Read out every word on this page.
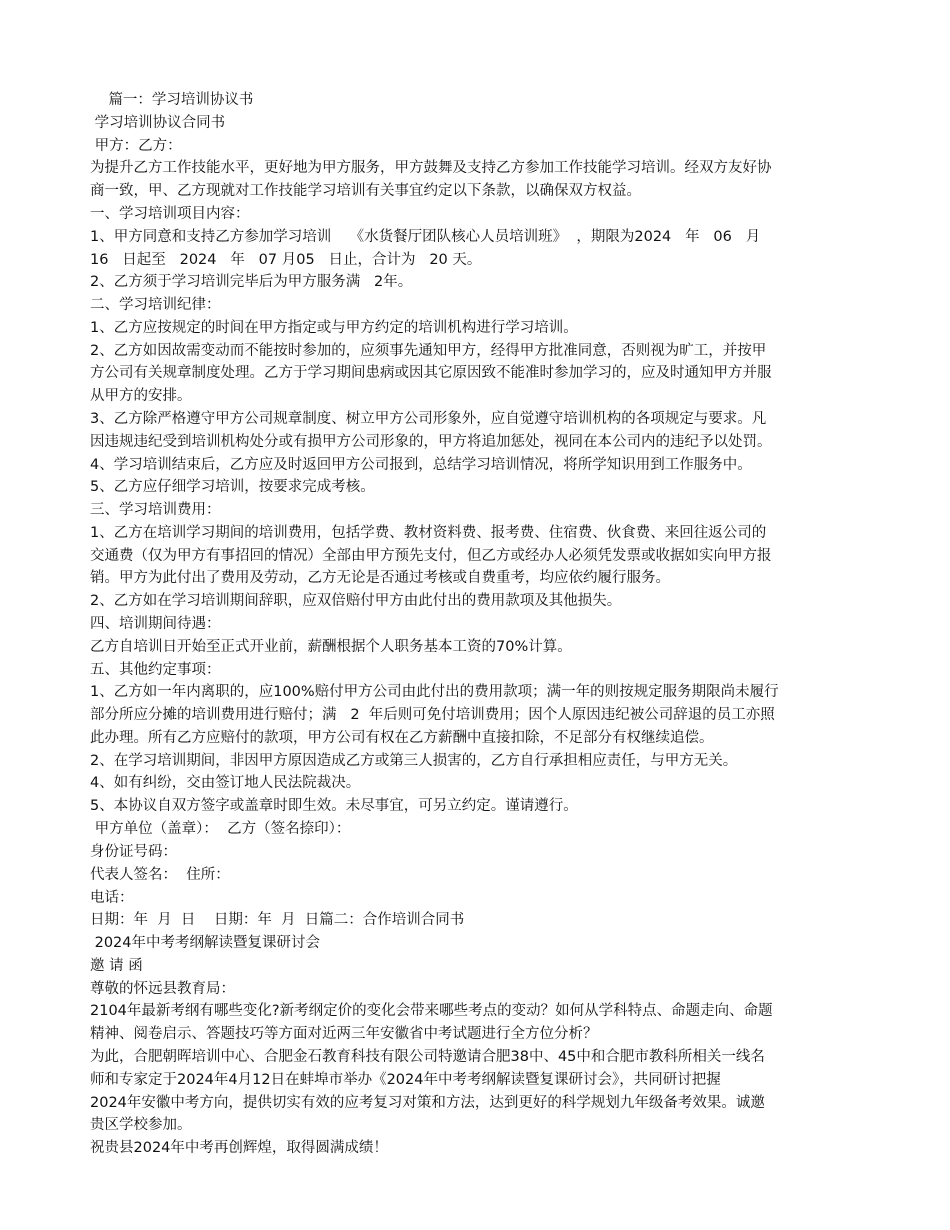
篇一：学习培训协议书

学习培训协议合同书

甲方：乙方：

为提升乙方工作技能水平，更好地为甲方服务，甲方鼓舞及支持乙方参加工作技能学习培训。经双方友好协

商一致，甲、乙方现就对工作技能学习培训有关事宜约定以下条款，以确保双方权益。

一、学习培训项目内容：

1、甲方同意和支持乙方参加学习培训    《水货餐厅团队核心人员培训班》  ，期限为2024   年   06   月

16   日起至   2024   年   07 月05   日止，合计为   20 天。

2、乙方须于学习培训完毕后为甲方服务满   2年。

二、学习培训纪律：

1、乙方应按规定的时间在甲方指定或与甲方约定的培训机构进行学习培训。

2、乙方如因故需变动而不能按时参加的，应须事先通知甲方，经得甲方批准同意，否则视为旷工，并按甲

方公司有关规章制度处理。乙方于学习期间患病或因其它原因致不能准时参加学习的，应及时通知甲方并服

从甲方的安排。

3、乙方除严格遵守甲方公司规章制度、树立甲方公司形象外，应自觉遵守培训机构的各项规定与要求。凡

因违规违纪受到培训机构处分或有损甲方公司形象的，甲方将追加惩处，视同在本公司内的违纪予以处罚。

4、学习培训结束后，乙方应及时返回甲方公司报到，总结学习培训情况，将所学知识用到工作服务中。

5、乙方应仔细学习培训，按要求完成考核。

三、学习培训费用：

1、乙方在培训学习期间的培训费用，包括学费、教材资料费、报考费、住宿费、伙食费、来回往返公司的

交通费（仅为甲方有事招回的情况）全部由甲方预先支付，但乙方或经办人必须凭发票或收据如实向甲方报

销。甲方为此付出了费用及劳动，乙方无论是否通过考核或自费重考，均应依约履行服务。

2、乙方如在学习培训期间辞职，应双倍赔付甲方由此付出的费用款项及其他损失。

四、培训期间待遇：

乙方自培训日开始至正式开业前，薪酬根据个人职务基本工资的70%计算。

五、其他约定事项：

1、乙方如一年内离职的，应100%赔付甲方公司由此付出的费用款项；满一年的则按规定服务期限尚未履行

部分所应分摊的培训费用进行赔付；满   2  年后则可免付培训费用；因个人原因违纪被公司辞退的员工亦照

此办理。所有乙方应赔付的款项，甲方公司有权在乙方薪酬中直接扣除，不足部分有权继续追偿。

2、在学习培训期间，非因甲方原因造成乙方或第三人损害的，乙方自行承担相应责任，与甲方无关。

4、如有纠纷，交由签订地人民法院裁决。

5、本协议自双方签字或盖章时即生效。未尽事宜，可另立约定。谨请遵行。

甲方单位（盖章）：  乙方（签名捺印）：

身份证号码：

代表人签名：  住所：

电话：

日期：年  月  日    日期：年  月  日篇二：合作培训合同书

2024年中考考纲解读暨复课研讨会

邀 请 函

尊敬的怀远县教育局：

2104年最新考纲有哪些变化?新考纲定价的变化会带来哪些考点的变动？如何从学科特点、命题走向、命题

精神、阅卷启示、答题技巧等方面对近两三年安徽省中考试题进行全方位分析？

为此，合肥朝晖培训中心、合肥金石教育科技有限公司特邀请合肥38中、45中和合肥市教科所相关一线名

师和专家定于2024年4月12日在蚌埠市举办《2024年中考考纲解读暨复课研讨会》，共同研讨把握

2024年安徽中考方向，提供切实有效的应考复习对策和方法，达到更好的科学规划九年级备考效果。诚邀

贵区学校参加。

祝贵县2024年中考再创辉煌，取得圆满成绩！
